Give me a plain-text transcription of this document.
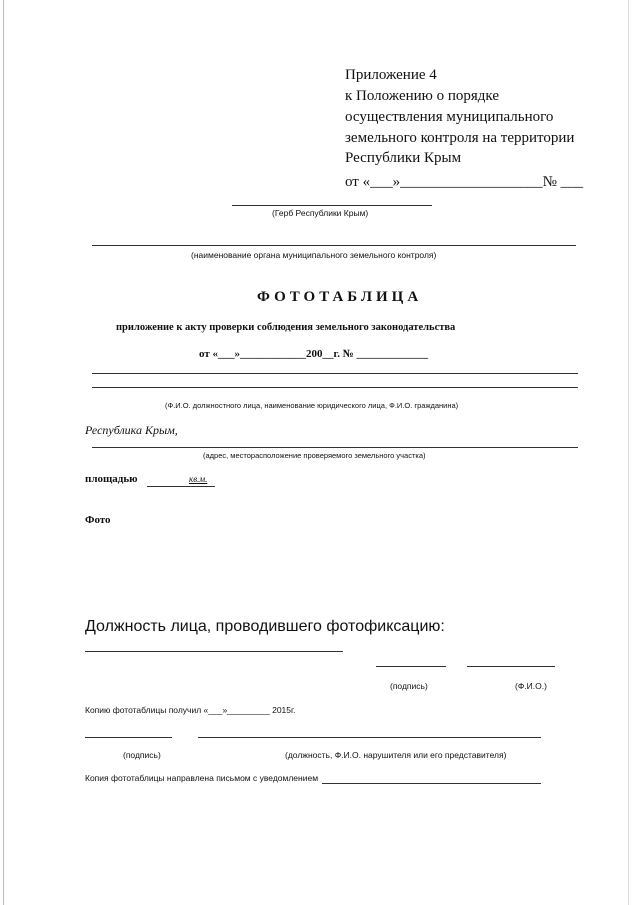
Приложение 4
к Положению о порядке
осуществления муниципального
земельного контроля на территории
Республики Крым
от «___»___________________№ ___
(Герб Республики Крым)
(наименование органа муниципального земельного контроля)
ФОТОТАБЛИЦА
приложение к акту проверки соблюдения земельного законодательства
от «___»____________200__г. № _____________
(Ф.И.О. должностного лица, наименование юридического лица, Ф.И.О. гражданина)
Республика Крым,
(адрес, месторасположение проверяемого земельного участка)
площадью	кв.м.
Фото
Должность лица, проводившего фотофиксацию:
(подпись)	(Ф.И.О.)
Копию фототаблицы получил «___»_________ 2015г.
(подпись)	(должность, Ф.И.О. нарушителя или его представителя)
Копия фототаблицы направлена письмом с уведомлением
